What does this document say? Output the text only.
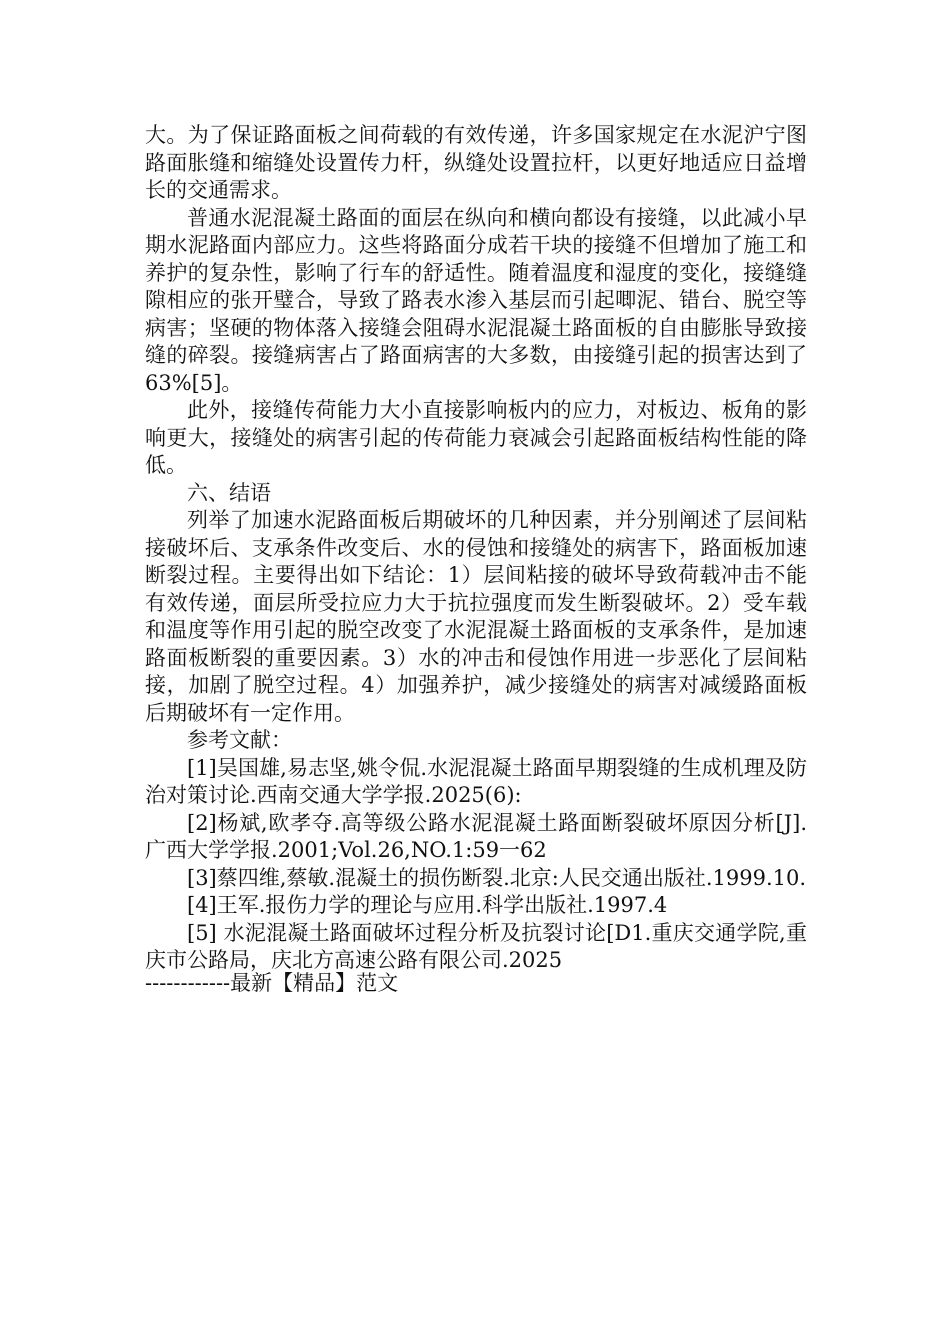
大。为了保证路面板之间荷载的有效传递，许多国家规定在水泥沪宁图路面胀缝和缩缝处设置传力杆，纵缝处设置拉杆，以更好地适应日益增长的交通需求。

普通水泥混凝土路面的面层在纵向和横向都设有接缝，以此减小早期水泥路面内部应力。这些将路面分成若干块的接缝不但增加了施工和养护的复杂性，影响了行车的舒适性。随着温度和湿度的变化，接缝缝隙相应的张开璧合，导致了路表水渗入基层而引起唧泥、错台、脱空等病害；坚硬的物体落入接缝会阻碍水泥混凝土路面板的自由膨胀导致接缝的碎裂。接缝病害占了路面病害的大多数，由接缝引起的损害达到了63%[5]。

此外，接缝传荷能力大小直接影响板内的应力，对板边、板角的影响更大，接缝处的病害引起的传荷能力衰减会引起路面板结构性能的降低。

六、结语

列举了加速水泥路面板后期破坏的几种因素，并分别阐述了层间粘接破坏后、支承条件改变后、水的侵蚀和接缝处的病害下，路面板加速断裂过程。主要得出如下结论：1）层间粘接的破坏导致荷载冲击不能有效传递，面层所受拉应力大于抗拉强度而发生断裂破坏。2）受车载和温度等作用引起的脱空改变了水泥混凝土路面板的支承条件，是加速路面板断裂的重要因素。3）水的冲击和侵蚀作用进一步恶化了层间粘接，加剧了脱空过程。4）加强养护，减少接缝处的病害对减缓路面板后期破坏有一定作用。

参考文献：

[1]吴国雄,易志坚,姚令侃.水泥混凝土路面早期裂缝的生成机理及防治对策讨论.西南交通大学学报.2025(6):

[2]杨斌,欧孝夺.高等级公路水泥混凝土路面断裂破坏原因分析[J].广西大学学报.2001;Vol.26,NO.1:59一62

[3]蔡四维,蔡敏.混凝土的损伤断裂.北京:人民交通出版社.1999.10.

[4]王军.报伤力学的理论与应用.科学出版社.1997.4

[5] 水泥混凝土路面破坏过程分析及抗裂讨论[D1.重庆交通学院,重庆市公路局，庆北方高速公路有限公司.2025

------------最新【精品】范文
